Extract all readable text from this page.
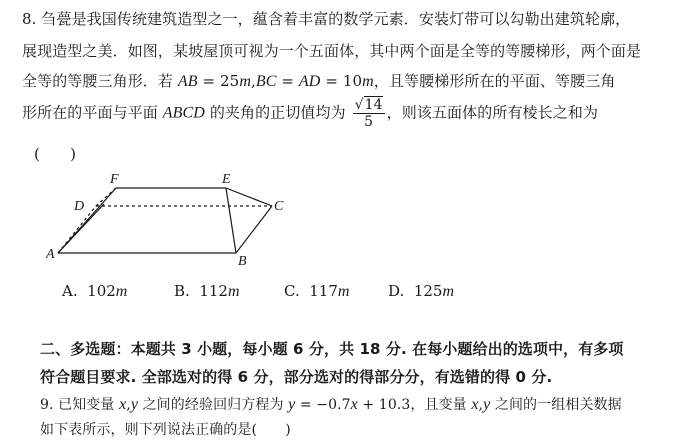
8. 刍甍是我国传统建筑造型之一，蕴含着丰富的数学元素．安装灯带可以勾勒出建筑轮廓，
展现造型之美．如图，某坡屋顶可视为一个五面体，其中两个面是全等的等腰梯形，两个面是
全等的等腰三角形．若 AB = 25m,BC = AD = 10m，且等腰梯形所在的平面、等腰三角
形所在的平面与平面 ABCD 的夹角的正切值均为 $\frac{√14}{5}$ ，则该五面体的所有棱长之和为
(　　)
F	E
D	C
A	B
A. 102m	B. 112m	C. 117m	D. 125m
二、多选题：本题共 3 小题，每小题 6 分，共 18 分. 在每小题给出的选项中，有多项
符合题目要求. 全部选对的得 6 分，部分选对的得部分分，有选错的得 0 分.
9. 已知变量 x,y 之间的经验回归方程为 y = −0.7x + 10.3，且变量 x,y 之间的一组相关数据
如下表所示，则下列说法正确的是(　　)
